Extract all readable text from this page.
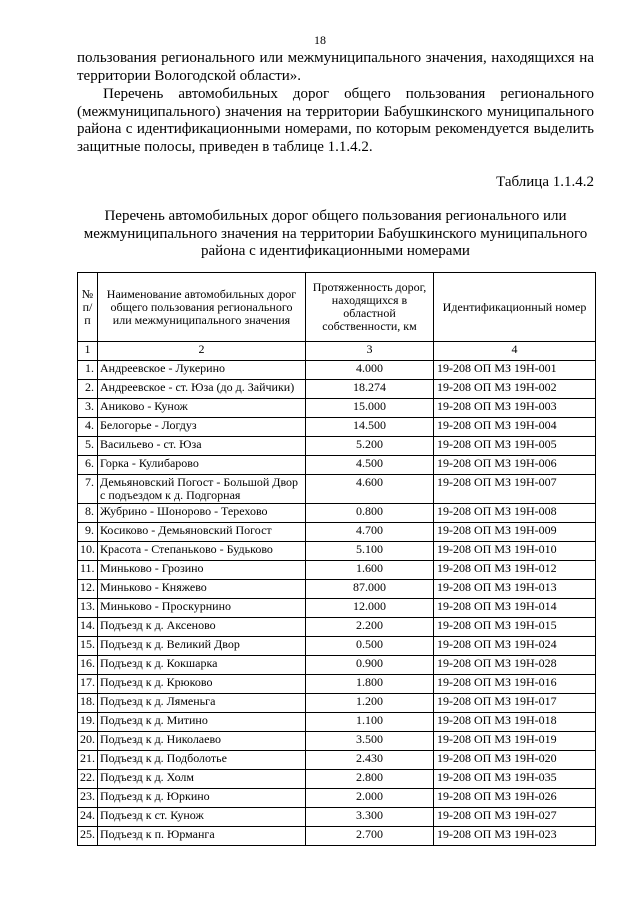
18

пользования регионального или межмуниципального значения, находящихся на территории Вологодской области».

Перечень автомобильных дорог общего пользования регионального (межмуниципального) значения на территории Бабушкинского муниципального района с идентификационными номерами, по которым рекомендуется выделить защитные полосы, приведен в таблице 1.1.4.2.

Таблица 1.1.4.2

Перечень автомобильных дорог общего пользования регионального или межмуниципального значения на территории Бабушкинского муниципального района с идентификационными номерами

№ п/п	Наименование автомобильных дорог общего пользования регионального или межмуниципального значения	Протяженность дорог, находящихся в областной собственности, км	Идентификационный номер
1	2	3	4
1.	Андреевское - Лукерино	4.000	19-208 ОП МЗ 19Н-001
2.	Андреевское - ст. Юза (до д. Зайчики)	18.274	19-208 ОП МЗ 19Н-002
3.	Аниково - Кунож	15.000	19-208 ОП МЗ 19Н-003
4.	Белогорье - Логдуз	14.500	19-208 ОП МЗ 19Н-004
5.	Васильево - ст. Юза	5.200	19-208 ОП МЗ 19Н-005
6.	Горка - Кулибарово	4.500	19-208 ОП МЗ 19Н-006
7.	Демьяновский Погост - Большой Двор с подъездом к д. Подгорная	4.600	19-208 ОП МЗ 19Н-007
8.	Жубрино - Шонорово - Терехово	0.800	19-208 ОП МЗ 19Н-008
9.	Косиково - Демьяновский Погост	4.700	19-208 ОП МЗ 19Н-009
10.	Красота - Степанькoво - Будьково	5.100	19-208 ОП МЗ 19Н-010
11.	Миньково - Грозино	1.600	19-208 ОП МЗ 19Н-012
12.	Миньково - Княжево	87.000	19-208 ОП МЗ 19Н-013
13.	Миньково - Проскурнино	12.000	19-208 ОП МЗ 19Н-014
14.	Подъезд к д. Аксеново	2.200	19-208 ОП МЗ 19Н-015
15.	Подъезд к д. Великий Двор	0.500	19-208 ОП МЗ 19Н-024
16.	Подъезд к д. Кокшарка	0.900	19-208 ОП МЗ 19Н-028
17.	Подъезд к д. Крюково	1.800	19-208 ОП МЗ 19Н-016
18.	Подъезд к д. Ляменьга	1.200	19-208 ОП МЗ 19Н-017
19.	Подъезд к д. Митино	1.100	19-208 ОП МЗ 19Н-018
20.	Подъезд к д. Николаево	3.500	19-208 ОП МЗ 19Н-019
21.	Подъезд к д. Подболотье	2.430	19-208 ОП МЗ 19Н-020
22.	Подъезд к д. Холм	2.800	19-208 ОП МЗ 19Н-035
23.	Подъезд к д. Юркино	2.000	19-208 ОП МЗ 19Н-026
24.	Подъезд к ст. Кунож	3.300	19-208 ОП МЗ 19Н-027
25.	Подъезд к п. Юрманга	2.700	19-208 ОП МЗ 19Н-023
